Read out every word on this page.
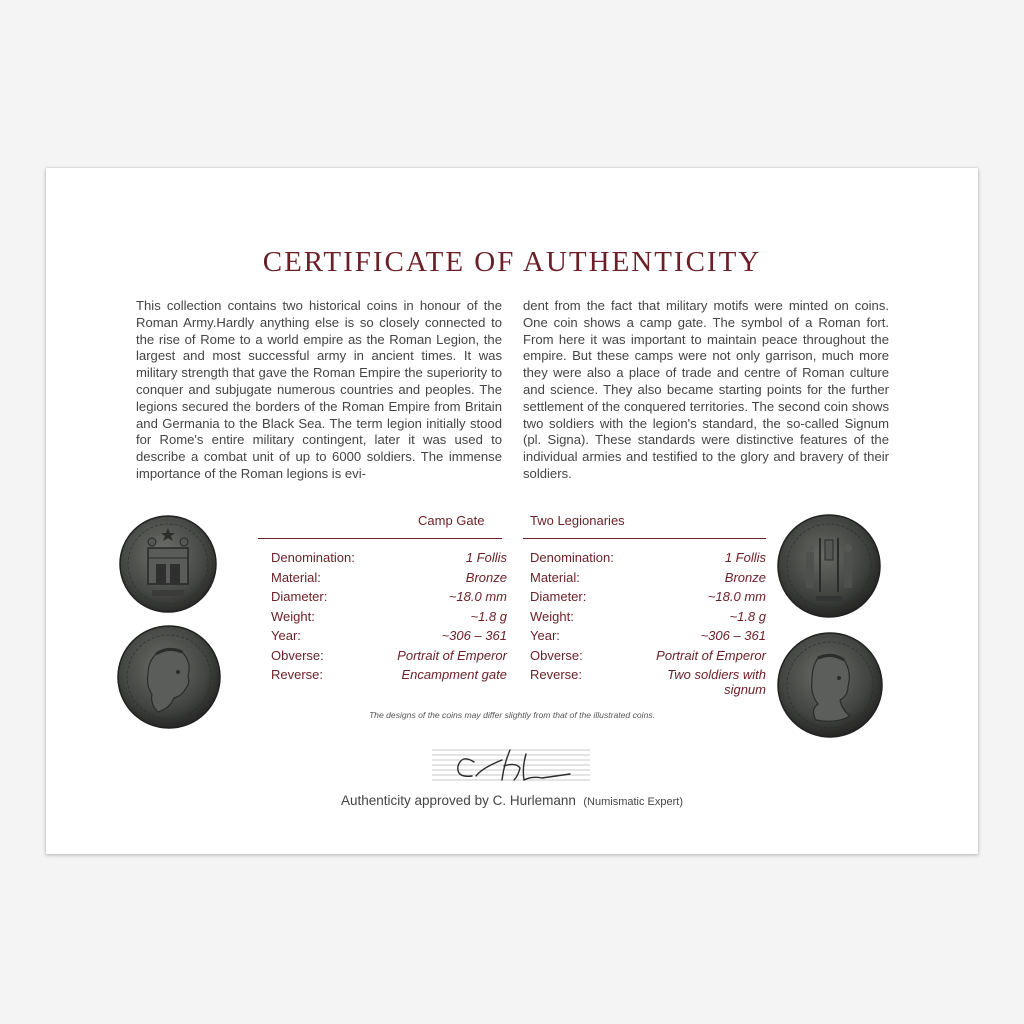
CERTIFICATE OF AUTHENTICITY
This collection contains two historical coins in honour of the Roman Army.Hardly anything else is so closely connected to the rise of Rome to a world empire as the Roman Legion, the largest and most successful army in ancient times. It was military strength that gave the Roman Empire the superiority to conquer and subjugate numerous countries and peoples. The legions secured the borders of the Roman Empire from Britain and Germania to the Black Sea. The term legion initially stood for Rome's entire military contingent, later it was used to describe a combat unit of up to 6000 soldiers. The immense importance of the Roman legions is evi-
dent from the fact that military motifs were minted on coins. One coin shows a camp gate. The symbol of a Roman fort. From here it was important to maintain peace throughout the empire. But these camps were not only garrison, much more they were also a place of trade and centre of Roman culture and science. They also became starting points for the further settlement of the conquered territories. The second coin shows two soldiers with the legion's standard, the so-called Signum (pl. Signa). These standards were distinctive features of the individual armies and testified to the glory and bravery of their soldiers.
Camp Gate
Denomination:	1 Follis
Material:	Bronze
Diameter:	~18.0 mm
Weight:	~1.8 g
Year:	~306 – 361
Obverse:	Portrait of Emperor
Reverse:	Encampment gate
Two Legionaries
Denomination:	1 Follis
Material:	Bronze
Diameter:	~18.0 mm
Weight:	~1.8 g
Year:	~306 – 361
Obverse:	Portrait of Emperor
Reverse:	Two soldiers with signum
The designs of the coins may differ slightly from that of the illustrated coins.
Authenticity approved by C. Hurlemann (Numismatic Expert)
